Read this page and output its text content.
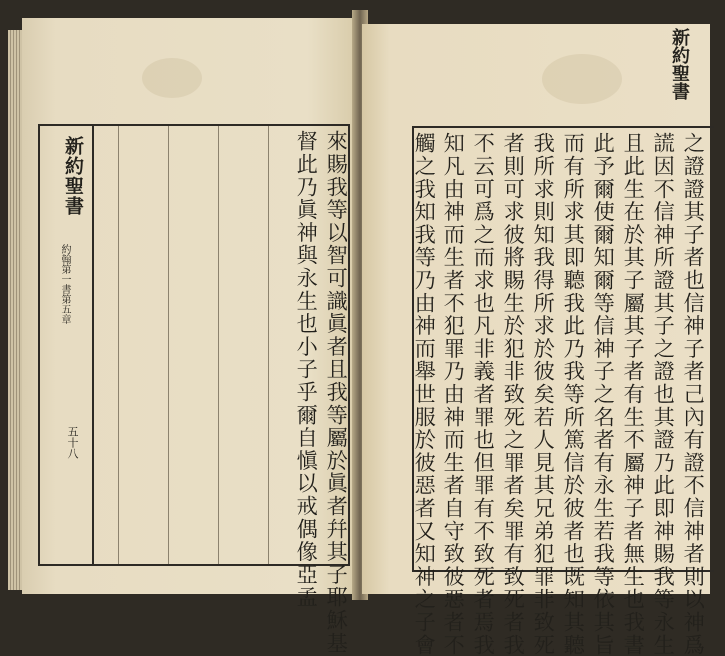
新約聖書
約翰第一書第五章
五十八	來賜我等以智可識眞者且我等屬於眞者幷其子耶穌基
督此乃眞神與永生也小子乎爾自愼以戒偶像亞孟	之證證其子者也信神子者己內有證不信神者則以神爲
謊因不信神所證其子之證也其證乃此即神賜我等永生
且此生在於其子屬其子者有生不屬神子者無生也我書
此予爾使爾知爾等信神子之名者有永生若我等依其旨
而有所求其即聽我此乃我等所篤信於彼者也既知其聽
我所求則知我得所求於彼矣若人見其兄弟犯罪非致死
者則可求彼將賜生於犯非致死之罪者矣罪有致死者我
不云可爲之而求也凡非義者罪也但罪有不致死者焉我
知凡由神而生者不犯罪乃由神而生者自守致彼惡者不
觸之我知我等乃由神而舉世服於彼惡者又知神之子會
新約聖書
